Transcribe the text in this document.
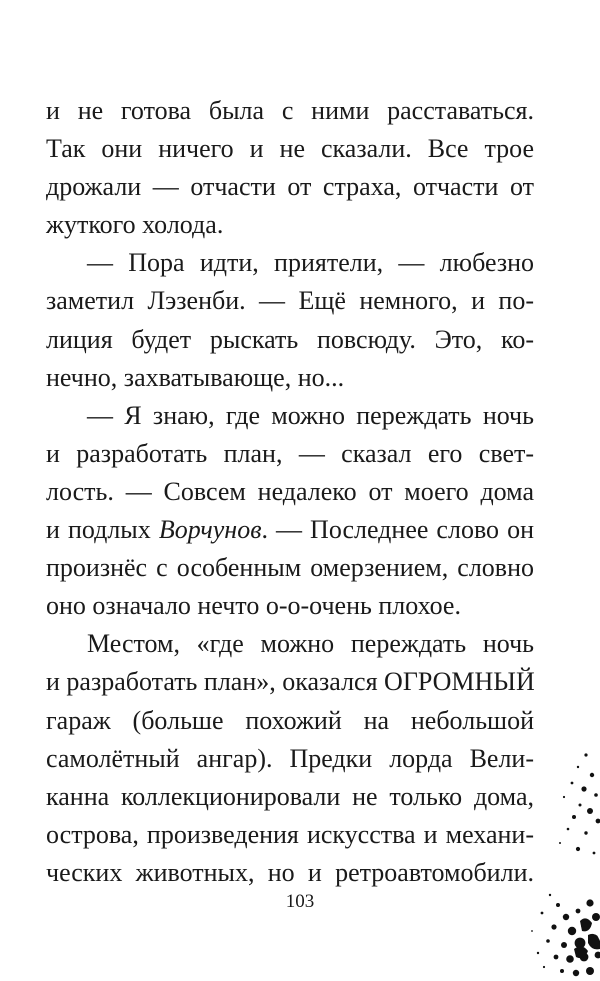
и не готова была с ними расставаться.
Так они ничего и не сказали. Все трое
дрожали — отчасти от страха, отчасти от
жуткого холода.
— Пора идти, приятели, — любезно
заметил Лэзенби. — Ещё немного, и по-
лиция будет рыскать повсюду. Это, ко-
нечно, захватывающе, но...
— Я знаю, где можно переждать ночь
и разработать план, — сказал его свет-
лость. — Совсем недалеко от моего дома
и подлых Ворчунов. — Последнее слово он
произнёс с особенным омерзением, словно
оно означало нечто о-о-очень плохое.
Местом, «где можно переждать ночь
и разработать план», оказался ОГРОМНЫЙ
гараж (больше похожий на небольшой
самолётный ангар). Предки лорда Вели-
канна коллекционировали не только дома,
острова, произведения искусства и механи-
ческих животных, но и ретроавтомобили.
103
